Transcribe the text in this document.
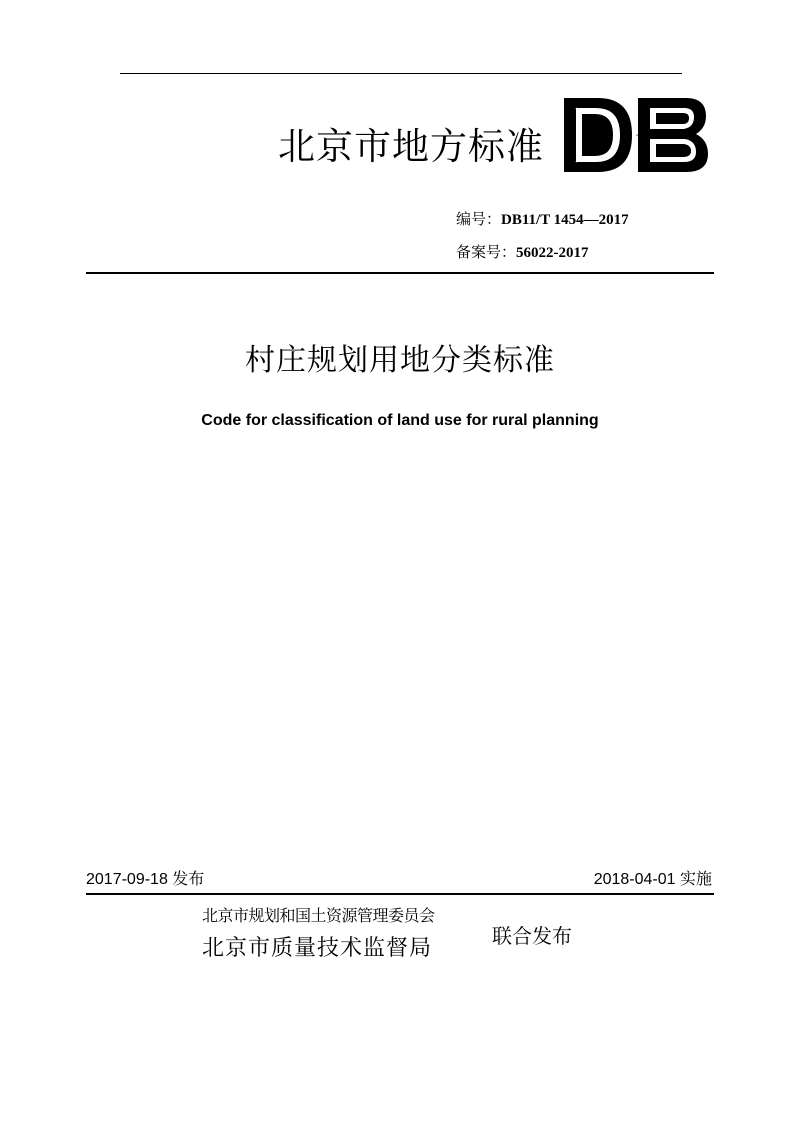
北京市地方标准	DB
编号：DB11/T 1454—2017
备案号：56022-2017
村庄规划用地分类标准
Code for classification of land use for rural planning
2017-09-18 发布	2018-04-01 实施
北京市规划和国土资源管理委员会
北京市质量技术监督局	联合发布
